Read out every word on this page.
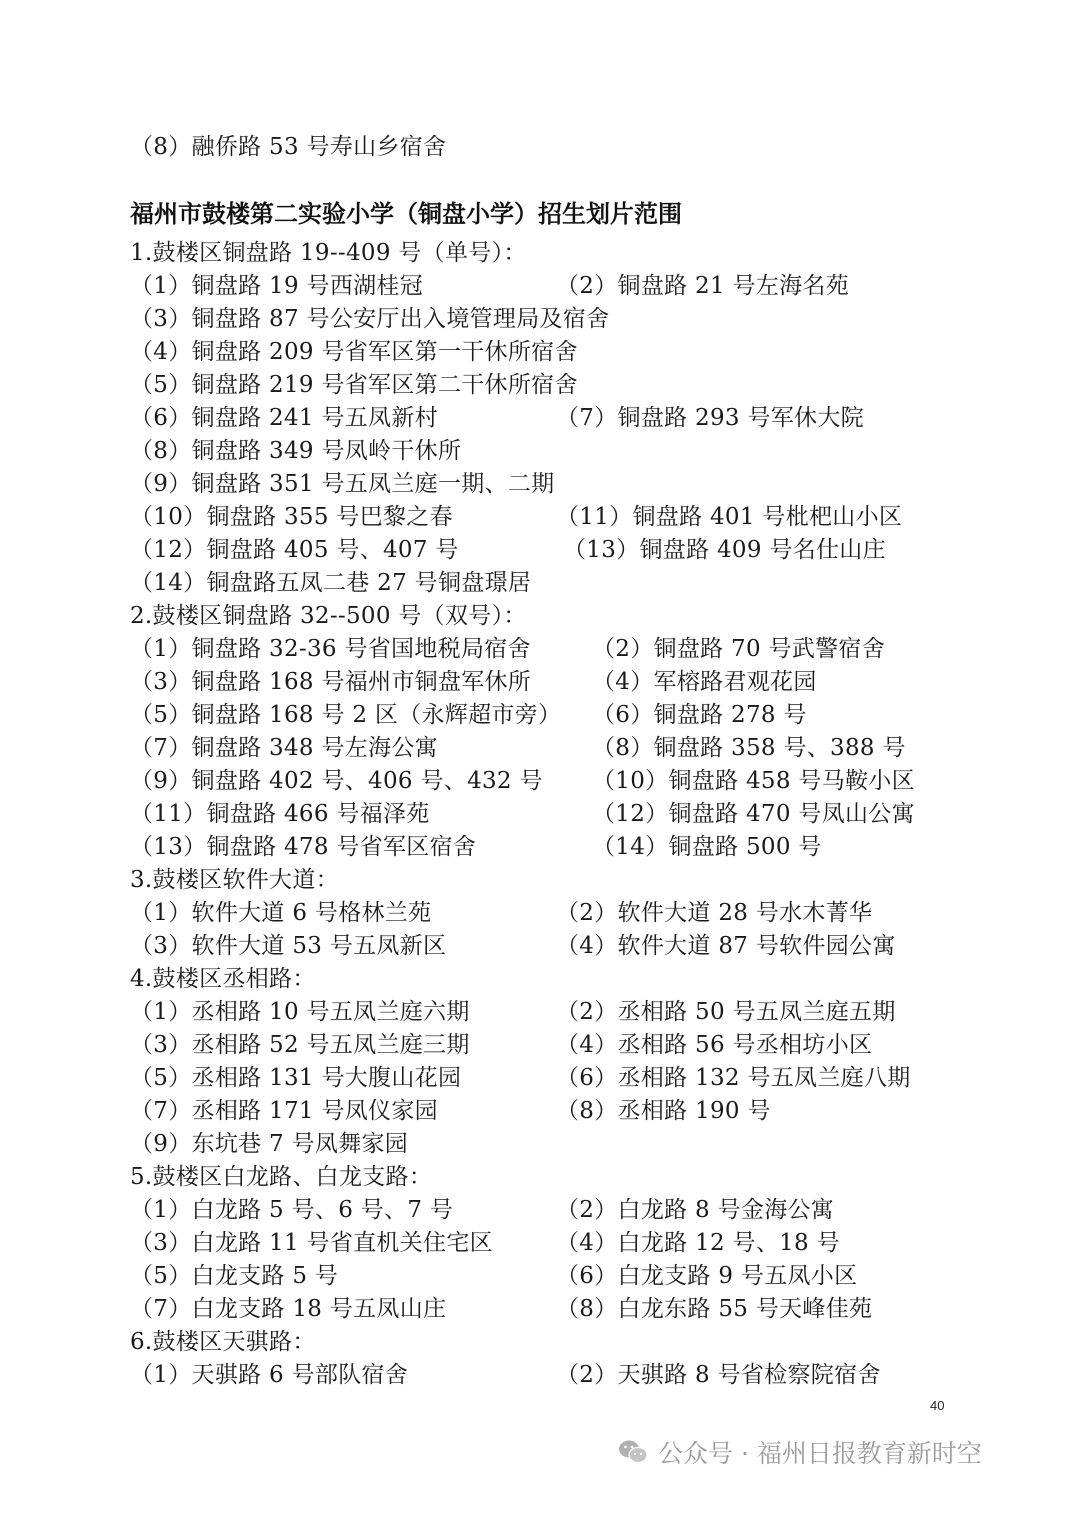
（8）融侨路 53 号寿山乡宿舍
福州市鼓楼第二实验小学（铜盘小学）招生划片范围
1.鼓楼区铜盘路 19--409 号（单号）：
（1）铜盘路 19 号西湖桂冠	（2）铜盘路 21 号左海名苑
（3）铜盘路 87 号公安厅出入境管理局及宿舍
（4）铜盘路 209 号省军区第一干休所宿舍
（5）铜盘路 219 号省军区第二干休所宿舍
（6）铜盘路 241 号五凤新村	（7）铜盘路 293 号军休大院
（8）铜盘路 349 号凤岭干休所
（9）铜盘路 351 号五凤兰庭一期、二期
（10）铜盘路 355 号巴黎之春	（11）铜盘路 401 号枇杷山小区
（12）铜盘路 405 号、407 号	（13）铜盘路 409 号名仕山庄
（14）铜盘路五凤二巷 27 号铜盘璟居
2.鼓楼区铜盘路 32--500 号（双号）：
（1）铜盘路 32-36 号省国地税局宿舍	（2）铜盘路 70 号武警宿舍
（3）铜盘路 168 号福州市铜盘军休所	（4）军榕路君观花园
（5）铜盘路 168 号 2 区（永辉超市旁） （6）铜盘路 278 号
（7）铜盘路 348 号左海公寓	（8）铜盘路 358 号、388 号
（9）铜盘路 402 号、406 号、432 号 （10）铜盘路 458 号马鞍小区
（11）铜盘路 466 号福泽苑	（12）铜盘路 470 号凤山公寓
（13）铜盘路 478 号省军区宿舍	（14）铜盘路 500 号
3.鼓楼区软件大道：
（1）软件大道 6 号格林兰苑	（2）软件大道 28 号水木菁华
（3）软件大道 53 号五凤新区	（4）软件大道 87 号软件园公寓
4.鼓楼区丞相路：
（1）丞相路 10 号五凤兰庭六期	（2）丞相路 50 号五凤兰庭五期
（3）丞相路 52 号五凤兰庭三期	（4）丞相路 56 号丞相坊小区
（5）丞相路 131 号大腹山花园	（6）丞相路 132 号五凤兰庭八期
（7）丞相路 171 号凤仪家园	（8）丞相路 190 号
（9）东坑巷 7 号凤舞家园
5.鼓楼区白龙路、白龙支路：
（1）白龙路 5 号、6 号、7 号	（2）白龙路 8 号金海公寓
（3）白龙路 11 号省直机关住宅区	（4）白龙路 12 号、18 号
（5）白龙支路 5 号	（6）白龙支路 9 号五凤小区
（7）白龙支路 18 号五凤山庄	（8）白龙东路 55 号天峰佳苑
6.鼓楼区天骐路：
（1）天骐路 6 号部队宿舍	（2）天骐路 8 号省检察院宿舍
40
公众号 · 福州日报教育新时空
